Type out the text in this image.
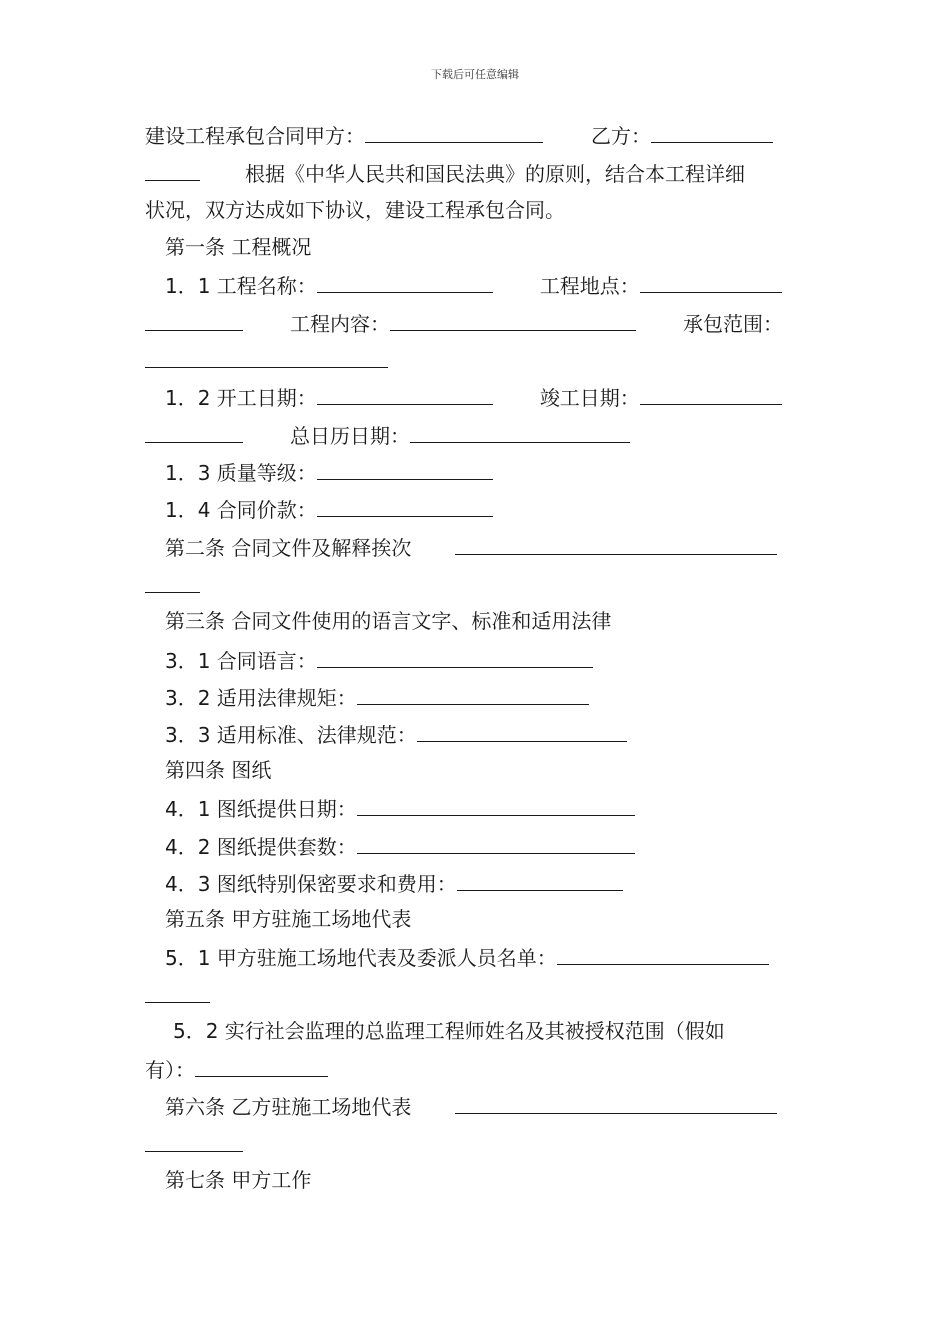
下载后可任意编辑
建设工程承包合同甲方：	乙方：
根据《中华人民共和国民法典》的原则，结合本工程详细
状况，双方达成如下协议，建设工程承包合同。
第一条 工程概况
1．1 工程名称：	工程地点：
工程内容：	承包范围：
1．2 开工日期：	竣工日期：
总日历日期：
1．3 质量等级：
1．4 合同价款：
第二条 合同文件及解释挨次
第三条 合同文件使用的语言文字、标准和适用法律
3．1 合同语言：
3．2 适用法律规矩：
3．3 适用标准、法律规范：
第四条 图纸
4．1 图纸提供日期：
4．2 图纸提供套数：
4．3 图纸特别保密要求和费用：
第五条 甲方驻施工场地代表
5．1 甲方驻施工场地代表及委派人员名单：
5．2 实行社会监理的总监理工程师姓名及其被授权范围（假如
有）：
第六条 乙方驻施工场地代表
第七条 甲方工作
